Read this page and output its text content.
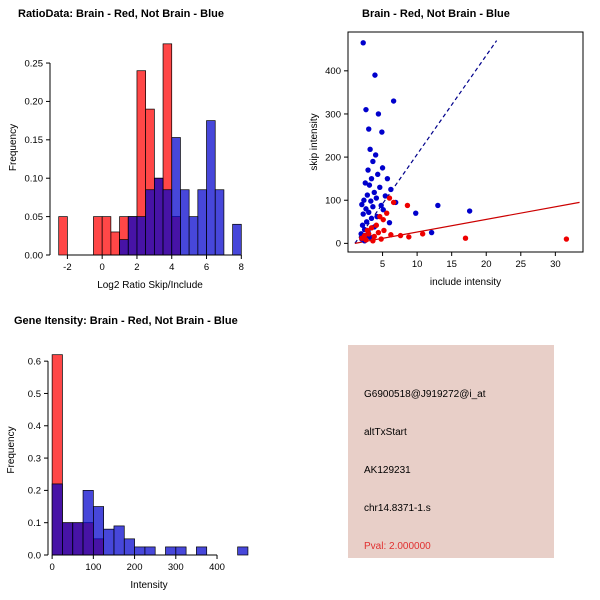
RatioData: Brain - Red, Not Brain - Blue
-2	0	2	4	6	8
0.00
0.05
0.10
0.15
0.20
0.25
Log2 Ratio Skip/Include
Frequency
Brain - Red, Not Brain - Blue
5	10	15	20	25	30
0
100
200
300
400
include intensity
skip intensity
Gene Itensity: Brain - Red, Not Brain - Blue
0	100	200	300	400
0.0
0.1
0.2
0.3
0.4
0.5
0.6
Intensity
Frequency
G6900518@J919272@i_at
altTxStart
AK129231
chr14.8371-1.s
Pval: 2.000000
